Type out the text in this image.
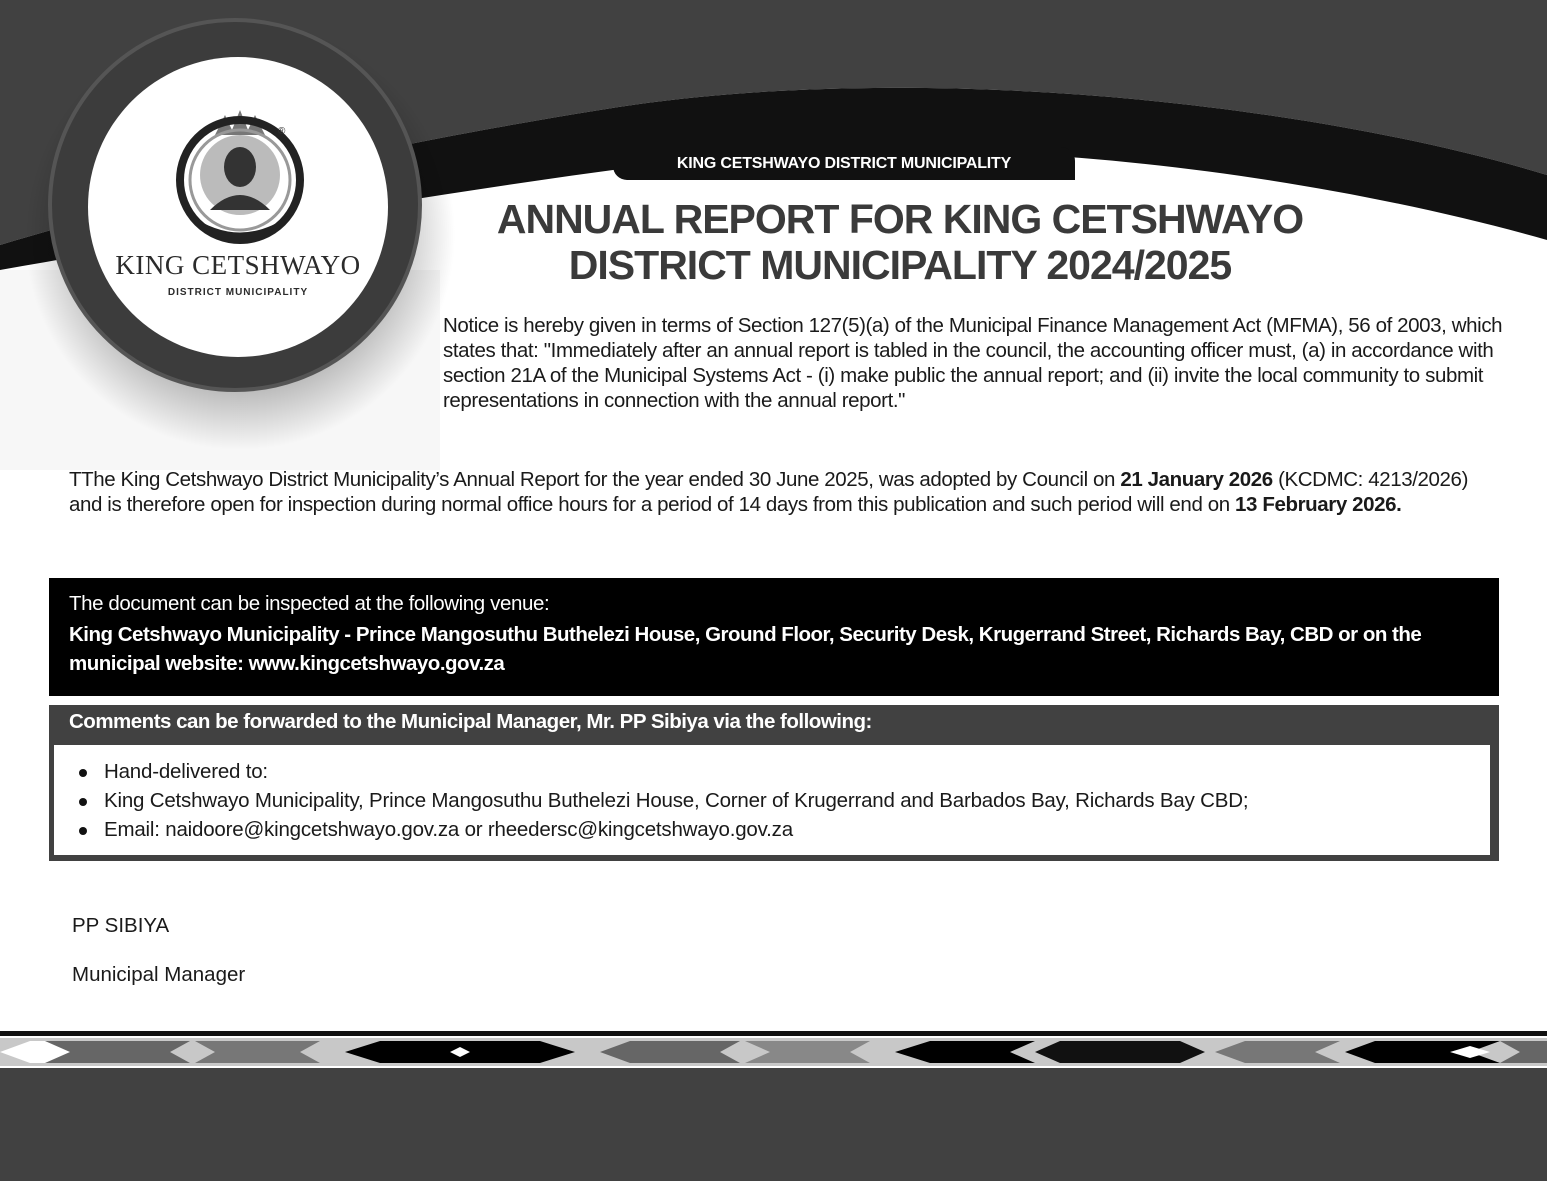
®
KING CETSHWAYO
DISTRICT MUNICIPALITY
KING CETSHWAYO DISTRICT MUNICIPALITY
ANNUAL REPORT FOR KING CETSHWAYO
DISTRICT MUNICIPALITY 2024/2025
Notice is hereby given in terms of Section 127(5)(a) of the Municipal Finance Management Act (MFMA), 56 of 2003, which states that: "Immediately after an annual report is tabled in the council, the accounting officer must, (a) in accordance with section 21A of the Municipal Systems Act - (i) make public the annual report; and (ii) invite the local community to submit representations in connection with the annual report."
TThe King Cetshwayo District Municipality’s Annual Report for the year ended 30 June 2025, was adopted by Council on 21 January 2026 (KCDMC: 4213/2026) and is therefore open for inspection during normal office hours for a period of 14 days from this publication and such period will end on 13 February 2026.
The document can be inspected at the following venue:
King Cetshwayo Municipality - Prince Mangosuthu Buthelezi House, Ground Floor, Security Desk, Krugerrand Street, Richards Bay, CBD or on the municipal website: www.kingcetshwayo.gov.za
Comments can be forwarded to the Municipal Manager, Mr. PP Sibiya via the following:
Hand-delivered to:
King Cetshwayo Municipality, Prince Mangosuthu Buthelezi House, Corner of Krugerrand and Barbados Bay, Richards Bay CBD;
Email: naidoore@kingcetshwayo.gov.za or rheedersc@kingcetshwayo.gov.za
PP SIBIYA
Municipal Manager
